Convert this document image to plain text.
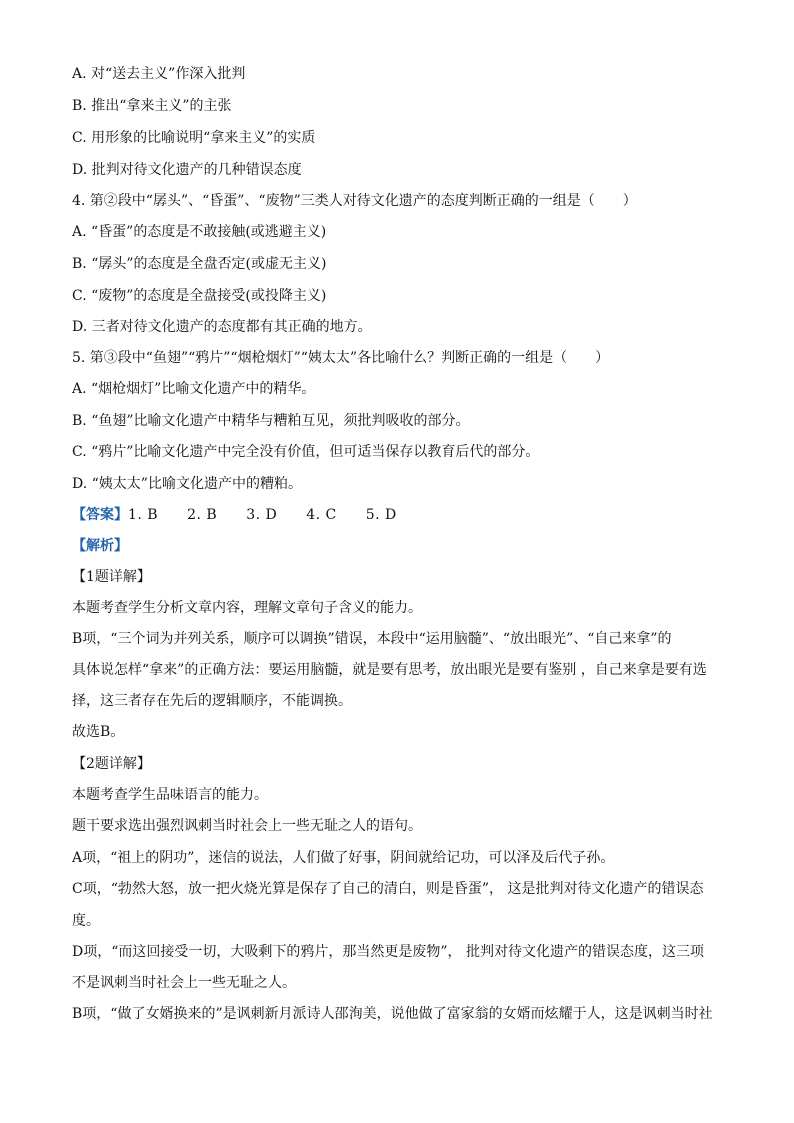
A. 对“送去主义”作深入批判
B. 推出“拿来主义”的主张
C. 用形象的比喻说明“拿来主义”的实质
D. 批判对待文化遗产的几种错误态度
4. 第②段中“孱头”、“昏蛋”、“废物”三类人对待文化遗产的态度判断正确的一组是（　　）
A. “昏蛋”的态度是不敢接触(或逃避主义)
B. “孱头”的态度是全盘否定(或虚无主义)
C. “废物”的态度是全盘接受(或投降主义)
D. 三者对待文化遗产的态度都有其正确的地方。
5. 第③段中“鱼翅”“鸦片”“烟枪烟灯”“姨太太”各比喻什么？判断正确的一组是（　　）
A. “烟枪烟灯”比喻文化遗产中的精华。
B. “鱼翅”比喻文化遗产中精华与糟粕互见，须批判吸收的部分。
C. “鸦片”比喻文化遗产中完全没有价值，但可适当保存以教育后代的部分。
D. “姨太太”比喻文化遗产中的糟粕。
【答案】1. B　　2. B　　3. D　　4. C　　5. D
【解析】
【1题详解】
本题考查学生分析文章内容，理解文章句子含义的能力。
B项，“三个词为并列关系，顺序可以调换”错误，本段中“运用脑髓”、“放出眼光”、“自己来拿”的
具体说怎样“拿来”的正确方法：要运用脑髓，就是要有思考，放出眼光是要有鉴别 ，自己来拿是要有选
择，这三者存在先后的逻辑顺序，不能调换。
故选B。
【2题详解】
本题考查学生品味语言的能力。
题干要求选出强烈讽刺当时社会上一些无耻之人的语句。
A项，“祖上的阴功”，迷信的说法，人们做了好事，阴间就给记功，可以泽及后代子孙。
C项，“勃然大怒，放一把火烧光算是保存了自己的清白，则是昏蛋”， 这是批判对待文化遗产的错误态
度。
D项，“而这回接受一切，大吸剩下的鸦片，那当然更是废物”， 批判对待文化遗产的错误态度，这三项
不是讽刺当时社会上一些无耻之人。
B项，“做了女婿换来的”是讽刺新月派诗人邵洵美，说他做了富家翁的女婿而炫耀于人，这是讽刺当时社
